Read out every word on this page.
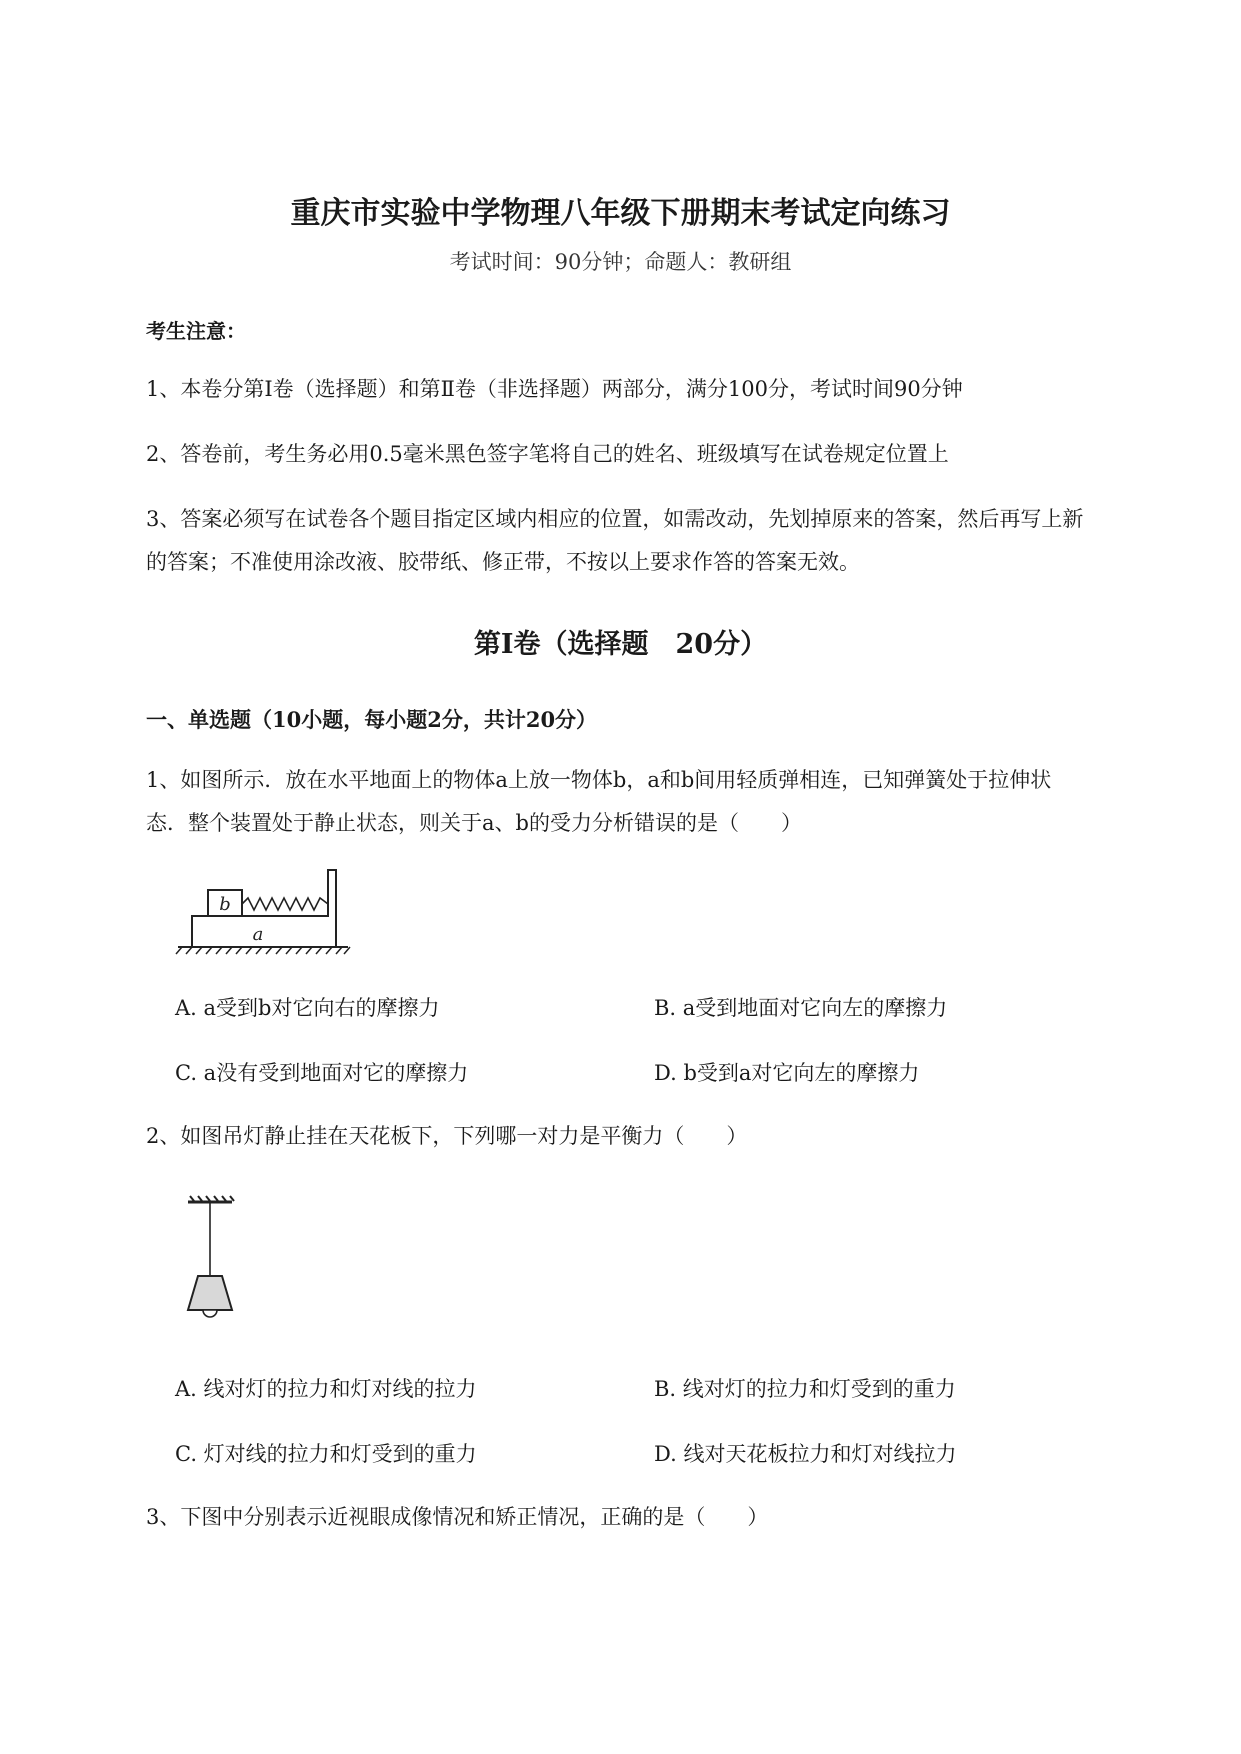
重庆市实验中学物理八年级下册期末考试定向练习
考试时间：90分钟；命题人：教研组
考生注意：
1、本卷分第I卷（选择题）和第Ⅱ卷（非选择题）两部分，满分100分，考试时间90分钟
2、答卷前，考生务必用0.5毫米黑色签字笔将自己的姓名、班级填写在试卷规定位置上
3、答案必须写在试卷各个题目指定区域内相应的位置，如需改动，先划掉原来的答案，然后再写上新
的答案；不准使用涂改液、胶带纸、修正带，不按以上要求作答的答案无效。
第I卷（选择题　20分）
一、单选题（10小题，每小题2分，共计20分）
1、如图所示．放在水平地面上的物体a上放一物体b，a和b间用轻质弹相连，已知弹簧处于拉伸状
态．整个装置处于静止状态，则关于a、b的受力分析错误的是（　　）
b
a
A. a受到b对它向右的摩擦力	B. a受到地面对它向左的摩擦力
C. a没有受到地面对它的摩擦力	D. b受到a对它向左的摩擦力
2、如图吊灯静止挂在天花板下，下列哪一对力是平衡力（　　）
A. 线对灯的拉力和灯对线的拉力	B. 线对灯的拉力和灯受到的重力
C. 灯对线的拉力和灯受到的重力	D. 线对天花板拉力和灯对线拉力
3、下图中分别表示近视眼成像情况和矫正情况，正确的是（　　）
